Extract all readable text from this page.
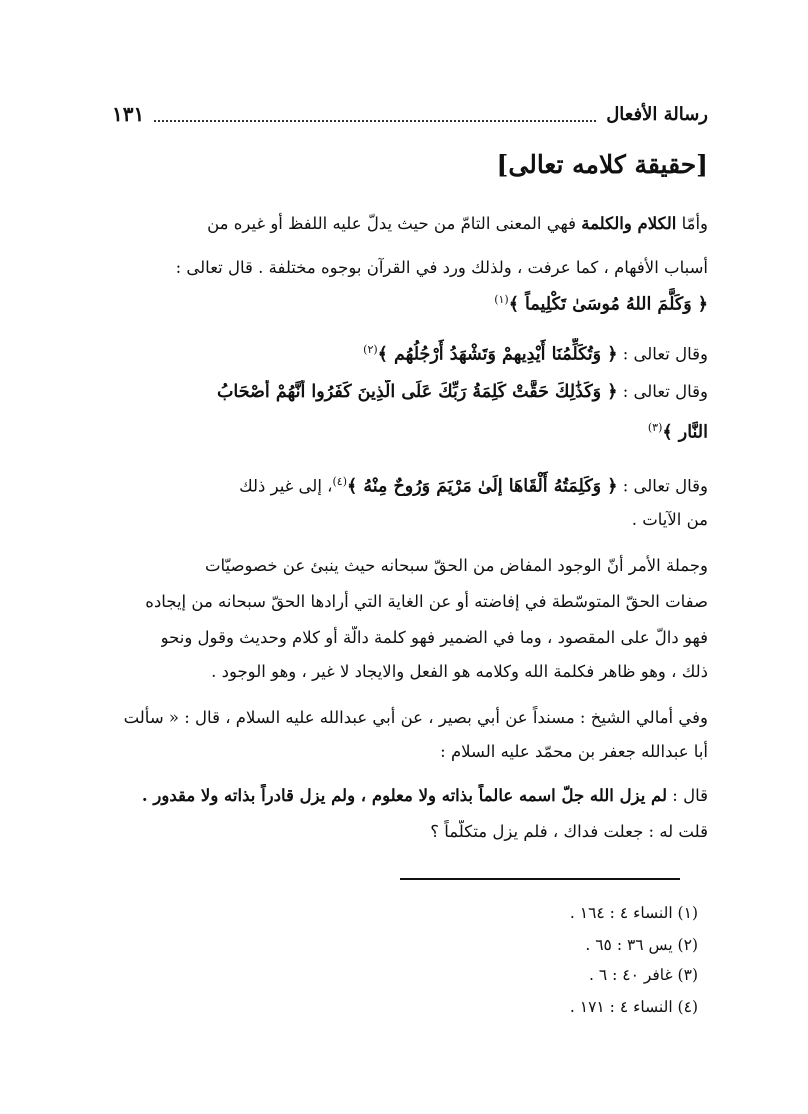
رسالة الأفعال
١٣١
[حقيقة كلامه تعالى]
وأمّا الكلام والكلمة فهي المعنى التامّ من حيث يدلّ عليه اللفظ أو غيره من
أسباب الأفهام ، كما عرفت ، ولذلك ورد في القرآن بوجوه مختلفة . قال تعالى :
﴿ وَكَلَّمَ اللهُ مُوسَىٰ تَكْلِيماً ﴾$^{(١)}$
وقال تعالى : ﴿ وَتُكَلِّمُنَا أَيْدِيهِمْ وَتَشْهَدُ أَرْجُلُهُم ﴾$^{(٢)}$
وقال تعالى : ﴿ وَكَذَٰلِكَ حَقَّتْ كَلِمَةُ رَبِّكَ عَلَى الَّذِينَ كَفَرُوا أَنَّهُمْ أَصْحَابُ
النَّارِ ﴾$^{(٣)}$
وقال تعالى : ﴿ وَكَلِمَتُهُ أَلْقَاهَا إِلَىٰ مَرْيَمَ وَرُوحٌ مِنْهُ ﴾$^{(٤)}$، إلى غير ذلك
من الآيات .
وجملة الأمر أنّ الوجود المفاض من الحقّ سبحانه حيث ينبئ عن خصوصيّات
صفات الحقّ المتوسّطة في إفاضته أو عن الغاية التي أرادها الحقّ سبحانه من إيجاده
فهو دالّ على المقصود ، وما في الضمير فهو كلمة دالّة أو كلام وحديث وقول ونحو
ذلك ، وهو ظاهر فكلمة الله وكلامه هو الفعل والايجاد لا غير ، وهو الوجود .
وفي أمالي الشيخ : مسنداً عن أبي بصير ، عن أبي عبدالله عليه السلام ، قال : « سألت
أبا عبدالله جعفر بن محمّد عليه السلام :
قال : لم يزل الله جلّ اسمه عالماً بذاته ولا معلوم ، ولم يزل قادراً بذاته ولا مقدور .
قلت له : جعلت فداك ، فلم يزل متكلّماً ؟
(١) النساء ٤ : ١٦٤ .
(٢) يس ٣٦ : ٦٥ .
(٣) غافر ٤٠ : ٦ .
(٤) النساء ٤ : ١٧١ .
